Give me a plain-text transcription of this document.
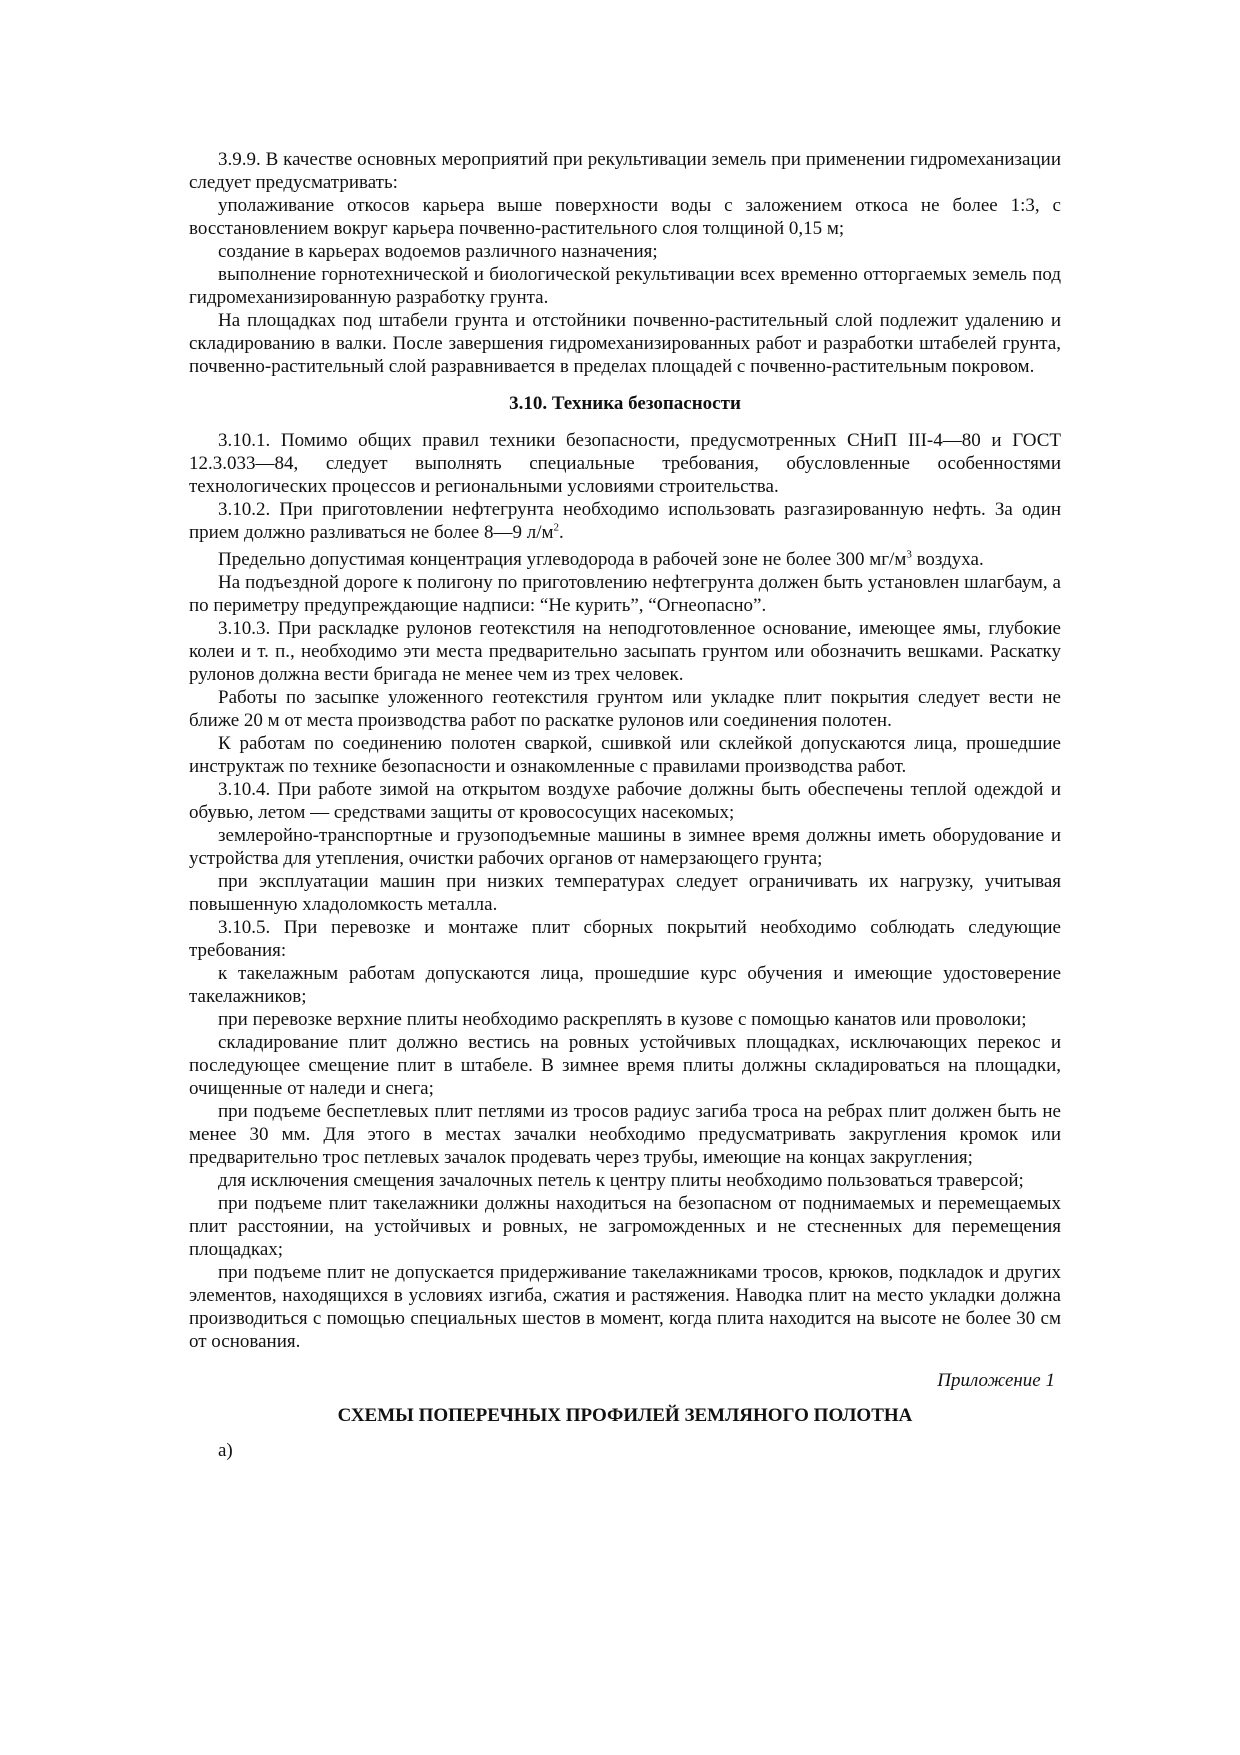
3.9.9. В качестве основных мероприятий при рекультивации земель при применении гидромеханизации следует предусматривать:

уполаживание откосов карьера выше поверхности воды с заложением откоса не более 1:3, с восстановлением вокруг карьера почвенно-растительного слоя толщиной 0,15 м;

создание в карьерах водоемов различного назначения;

выполнение горнотехнической и биологической рекультивации всех временно отторгаемых земель под гидромеханизированную разработку грунта.

На площадках под штабели грунта и отстойники почвенно-растительный слой подлежит удалению и складированию в валки. После завершения гидромеханизированных работ и разработки штабелей грунта, почвенно-растительный слой разравнивается в пределах площадей с почвенно-растительным покровом.

3.10. Техника безопасности

3.10.1. Помимо общих правил техники безопасности, предусмотренных СНиП III-4—80 и ГОСТ 12.3.033—84, следует выполнять специальные требования, обусловленные особенностями технологических процессов и региональными условиями строительства.

3.10.2. При приготовлении нефтегрунта необходимо использовать разгазированную нефть. За один прием должно разливаться не более 8—9 $л/м^2$.

Предельно допустимая концентрация углеводорода в рабочей зоне не более 300 $мг/м^3$ воздуха.

На подъездной дороге к полигону по приготовлению нефтегрунта должен быть установлен шлагбаум, а по периметру предупреждающие надписи: “Не курить”, “Огнеопасно”.

3.10.3. При раскладке рулонов геотекстиля на неподготовленное основание, имеющее ямы, глубокие колеи и т. п., необходимо эти места предварительно засыпать грунтом или обозначить вешками. Раскатку рулонов должна вести бригада не менее чем из трех человек.

Работы по засыпке уложенного геотекстиля грунтом или укладке плит покрытия следует вести не ближе 20 м от места производства работ по раскатке рулонов или соединения полотен.

К работам по соединению полотен сваркой, сшивкой или склейкой допускаются лица, прошедшие инструктаж по технике безопасности и ознакомленные с правилами производства работ.

3.10.4. При работе зимой на открытом воздухе рабочие должны быть обеспечены теплой одеждой и обувью, летом — средствами защиты от кровососущих насекомых;

землеройно-транспортные и грузоподъемные машины в зимнее время должны иметь оборудование и устройства для утепления, очистки рабочих органов от намерзающего грунта;

при эксплуатации машин при низких температурах следует ограничивать их нагрузку, учитывая повышенную хладоломкость металла.

3.10.5. При перевозке и монтаже плит сборных покрытий необходимо соблюдать следующие требования:

к такелажным работам допускаются лица, прошедшие курс обучения и имеющие удостоверение такелажников;

при перевозке верхние плиты необходимо раскреплять в кузове с помощью канатов или проволоки;

складирование плит должно вестись на ровных устойчивых площадках, исключающих перекос и последующее смещение плит в штабеле. В зимнее время плиты должны складироваться на площадки, очищенные от наледи и снега;

при подъеме беспетлевых плит петлями из тросов радиус загиба троса на ребрах плит должен быть не менее 30 мм. Для этого в местах зачалки необходимо предусматривать закругления кромок или предварительно трос петлевых зачалок продевать через трубы, имеющие на концах закругления;

для исключения смещения зачалочных петель к центру плиты необходимо пользоваться траверсой;

при подъеме плит такелажники должны находиться на безопасном от поднимаемых и перемещаемых плит расстоянии, на устойчивых и ровных, не загроможденных и не стесненных для перемещения площадках;

при подъеме плит не допускается придерживание такелажниками тросов, крюков, подкладок и других элементов, находящихся в условиях изгиба, сжатия и растяжения. Наводка плит на место укладки должна производиться с помощью специальных шестов в момент, когда плита находится на высоте не более 30 см от основания.

Приложение 1
СХЕМЫ ПОПЕРЕЧНЫХ ПРОФИЛЕЙ ЗЕМЛЯНОГО ПОЛОТНА
а)
